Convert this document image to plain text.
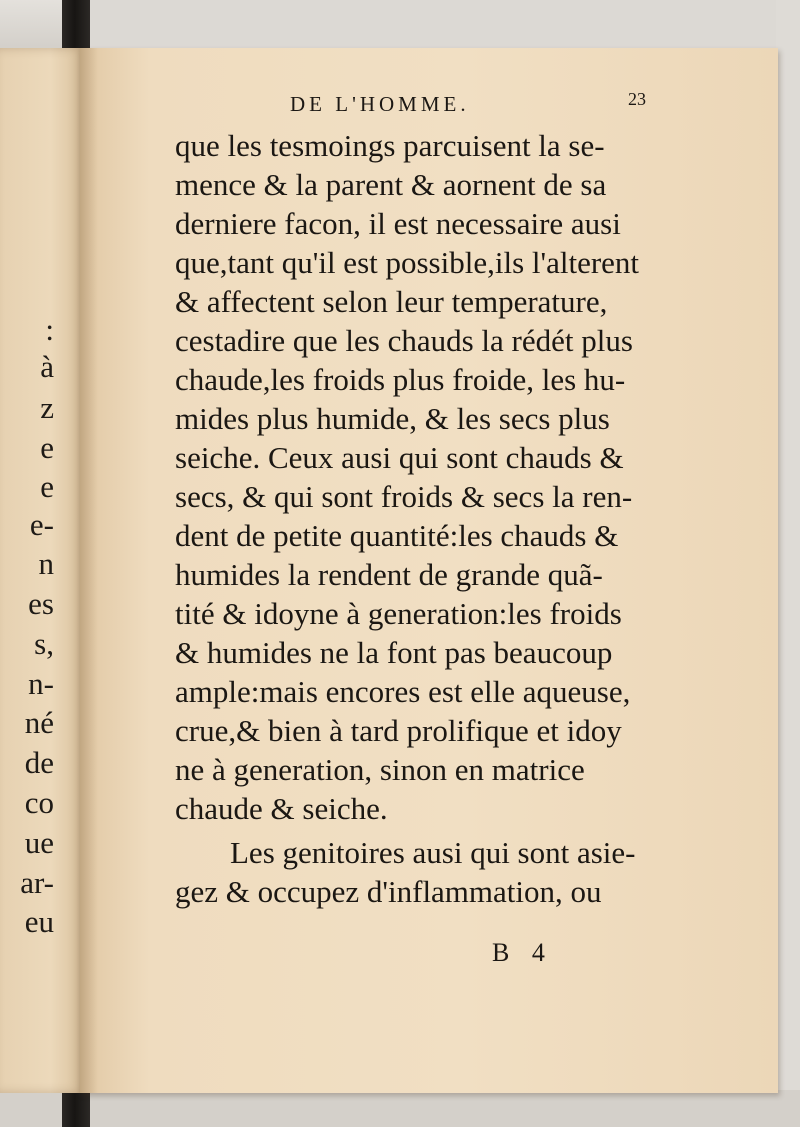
:
à
z
e
e
e-
n
es
s,
n-
né
de
co
ue
ar-
eu
DE L'HOMME.	23
que les tesmoings parcuisent la se-
mence & la parent & aornent de sa
derniere facon, il est necessaire ausi
que,tant qu'il est possible,ils l'alterent
& affectent selon leur temperature,
cestadire que les chauds la rédét plus
chaude,les froids plus froide, les hu-
mides plus humide, & les secs plus
seiche. Ceux ausi qui sont chauds &
secs, & qui sont froids & secs la ren-
dent de petite quantité:les chauds &
humides la rendent de grande quã-
tité & idoyne à generation:les froids
& humides ne la font pas beaucoup
ample:mais encores est elle aqueuse,
crue,& bien à tard prolifique et idoy
ne à generation, sinon en matrice
chaude & seiche.
Les genitoires ausi qui sont asie-
gez & occupez d'inflammation, ou
B 4
